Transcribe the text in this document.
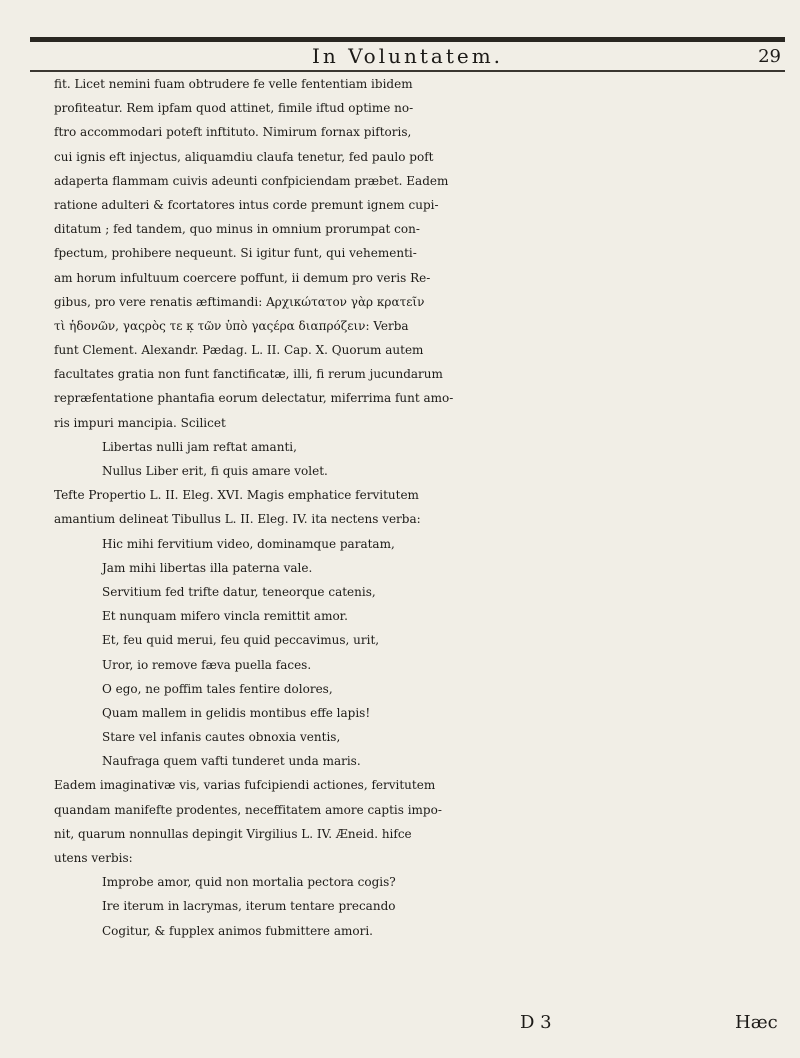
In Voluntatem.	29
fit. Licet nemini fuam obtrudere fe velle fententiam ibidem
profiteatur. Rem ipfam quod attinet, fimile iftud optime no-
ftro accommodari poteft inftituto. Nimirum fornax piftoris,
cui ignis eft injectus, aliquamdiu claufa tenetur, fed paulo poft
adaperta flammam cuivis adeunti confpiciendam præbet. Eadem
ratione adulteri & fcortatores intus corde premunt ignem cupi-
ditatum ; fed tandem, quo minus in omnium prorumpat con-
fpectum, prohibere nequeunt. Si igitur funt, qui vehementi-
am horum infultuum coercere poffunt, ii demum pro veris Re-
gibus, pro vere renatis æftimandi: Αρχικώτατον γὰρ κρατεῖν
τὶ ἡδονῶν, γαςρὸς τε κ̣ τῶν ὑπὸ γαςέρα διαπρόζειν: Verba
funt Clement. Alexandr. Pædag. L. II. Cap. X. Quorum autem
facultates gratia non funt fanctificatæ, illi, fi rerum jucundarum
repræfentatione phantafia eorum delectatur, miferrima funt amo-
ris impuri mancipia. Scilicet
Libertas nulli jam reftat amanti,
Nullus Liber erit, fi quis amare volet.
Tefte Propertio L. II. Eleg. XVI. Magis emphatice fervitutem
amantium delineat Tibullus L. II. Eleg. IV. ita nectens verba:
Hic mihi fervitium video, dominamque paratam,
Jam mihi libertas illa paterna vale.
Servitium fed trifte datur, teneorque catenis,
Et nunquam mifero vincla remittit amor.
Et, feu quid merui, feu quid peccavimus, urit,
Uror, io remove fæva puella faces.
O ego, ne poffim tales fentire dolores,
Quam mallem in gelidis montibus effe lapis!
Stare vel infanis cautes obnoxia ventis,
Naufraga quem vafti tunderet unda maris.
Eadem imaginativæ vis, varias fufcipiendi actiones, fervitutem
quandam manifefte prodentes, neceffitatem amore captis impo-
nit, quarum nonnullas depingit Virgilius L. IV. Æneid. hifce
utens verbis:
Improbe amor, quid non mortalia pectora cogis?
Ire iterum in lacrymas, iterum tentare precando
Cogitur, & fupplex animos fubmittere amori.
D 3	Hæc
